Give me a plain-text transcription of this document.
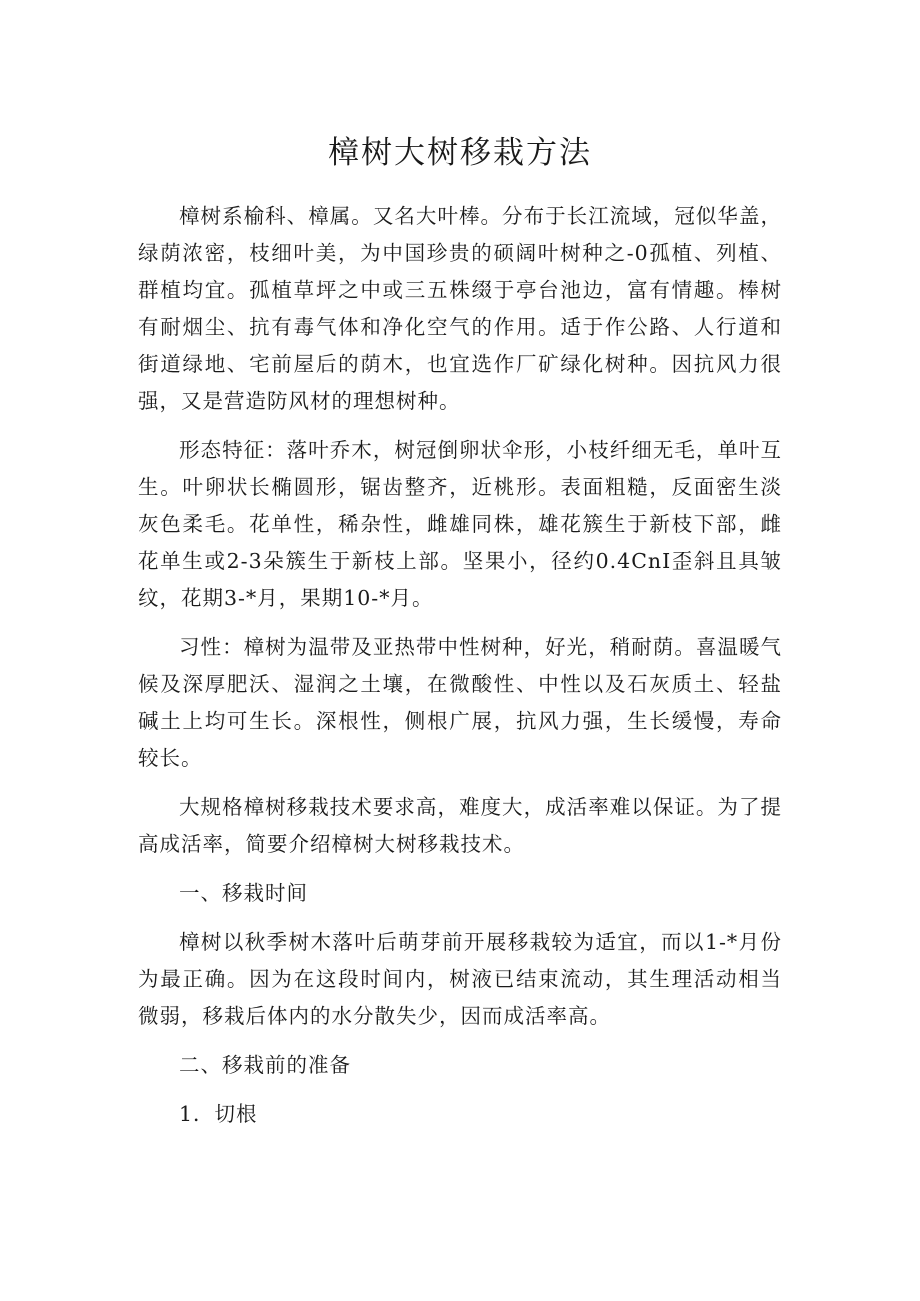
樟树大树移栽方法

樟树系榆科、樟属。又名大叶棒。分布于长江流域，冠似华盖，绿荫浓密，枝细叶美，为中国珍贵的硕阔叶树种之-0孤植、列植、群植均宜。孤植草坪之中或三五株缀于亭台池边，富有情趣。棒树有耐烟尘、抗有毒气体和净化空气的作用。适于作公路、人行道和街道绿地、宅前屋后的荫木，也宜选作厂矿绿化树种。因抗风力很强，又是营造防风材的理想树种。

形态特征：落叶乔木，树冠倒卵状伞形，小枝纤细无毛，单叶互生。叶卵状长椭圆形，锯齿整齐，近桃形。表面粗糙，反面密生淡灰色柔毛。花单性，稀杂性，雌雄同株，雄花簇生于新枝下部，雌花单生或2-3朵簇生于新枝上部。坚果小，径约0.4CnI歪斜且具皱纹，花期3-*月，果期10-*月。

习性：樟树为温带及亚热带中性树种，好光，稍耐荫。喜温暖气候及深厚肥沃、湿润之土壤，在微酸性、中性以及石灰质土、轻盐碱土上均可生长。深根性，侧根广展，抗风力强，生长缓慢，寿命较长。

大规格樟树移栽技术要求高，难度大，成活率难以保证。为了提高成活率，简要介绍樟树大树移栽技术。

一、移栽时间

樟树以秋季树木落叶后萌芽前开展移栽较为适宜，而以1-*月份为最正确。因为在这段时间内，树液已结束流动，其生理活动相当微弱，移栽后体内的水分散失少，因而成活率高。

二、移栽前的准备

1．切根
